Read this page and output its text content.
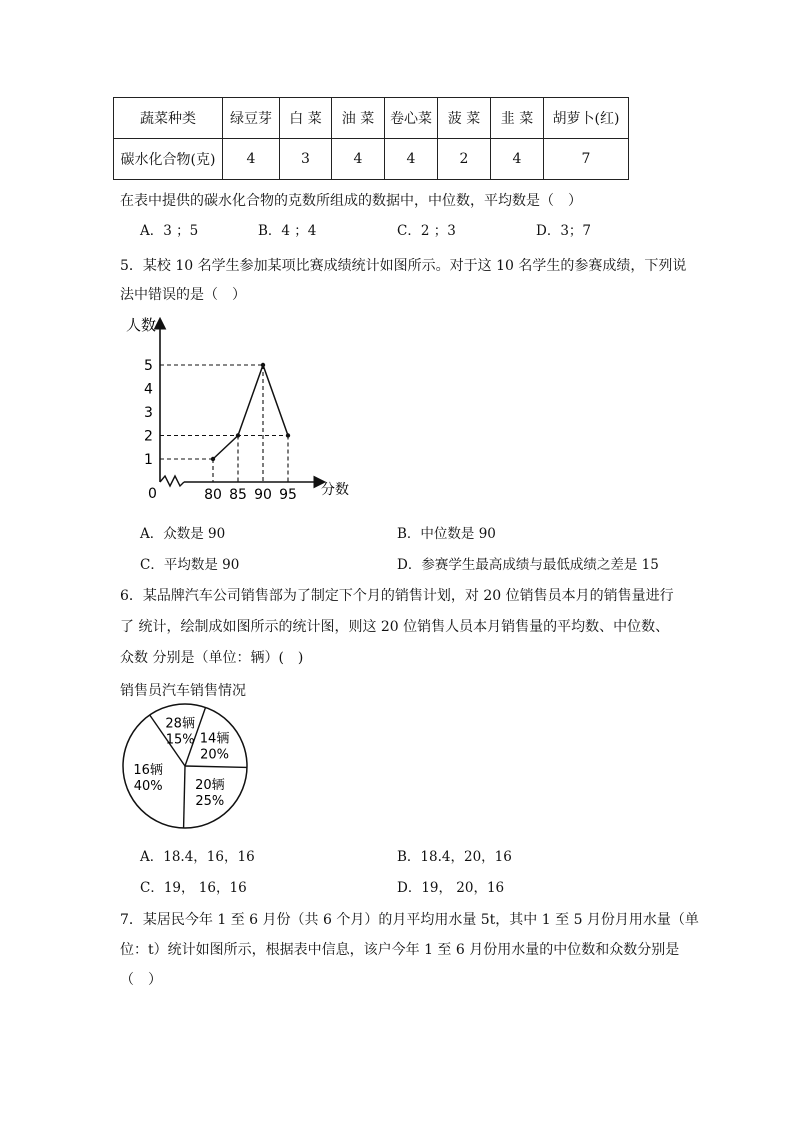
蔬菜种类	绿豆芽	白 菜	油 菜	卷心菜	菠 菜	韭 菜	胡萝卜(红)
碳水化合物(克)	4	3	4	4	2	4	7
在表中提供的碳水化合物的克数所组成的数据中，中位数，平均数是（　）
A．3 ；5	B．4 ；4	C．2 ；3	D．3；7
5．某校 10 名学生参加某项比赛成绩统计如图所示。对于这 10 名学生的参赛成绩，下列说
法中错误的是（　）
人数
分数
0
1
2
3
4
5
80 85 90 95
A．众数是 90	B．中位数是 90
C．平均数是 90	D．参赛学生最高成绩与最低成绩之差是 15
6．某品牌汽车公司销售部为了制定下个月的销售计划，对 20 位销售员本月的销售量进行
了 统计，绘制成如图所示的统计图，则这 20 位销售人员本月销售量的平均数、中位数、
众数 分别是（单位：辆）(　)
销售员汽车销售情况
28辆
15% 14辆
20%
20辆
25%
16辆
40%
A．18.4，16，16	B．18.4，20，16
C．19， 16，16	D．19， 20，16
7．某居民今年 1 至 6 月份（共 6 个月）的月平均用水量 5t，其中 1 至 5 月份月用水量（单
位：t）统计如图所示，根据表中信息，该户今年 1 至 6 月份用水量的中位数和众数分别是
（　）
